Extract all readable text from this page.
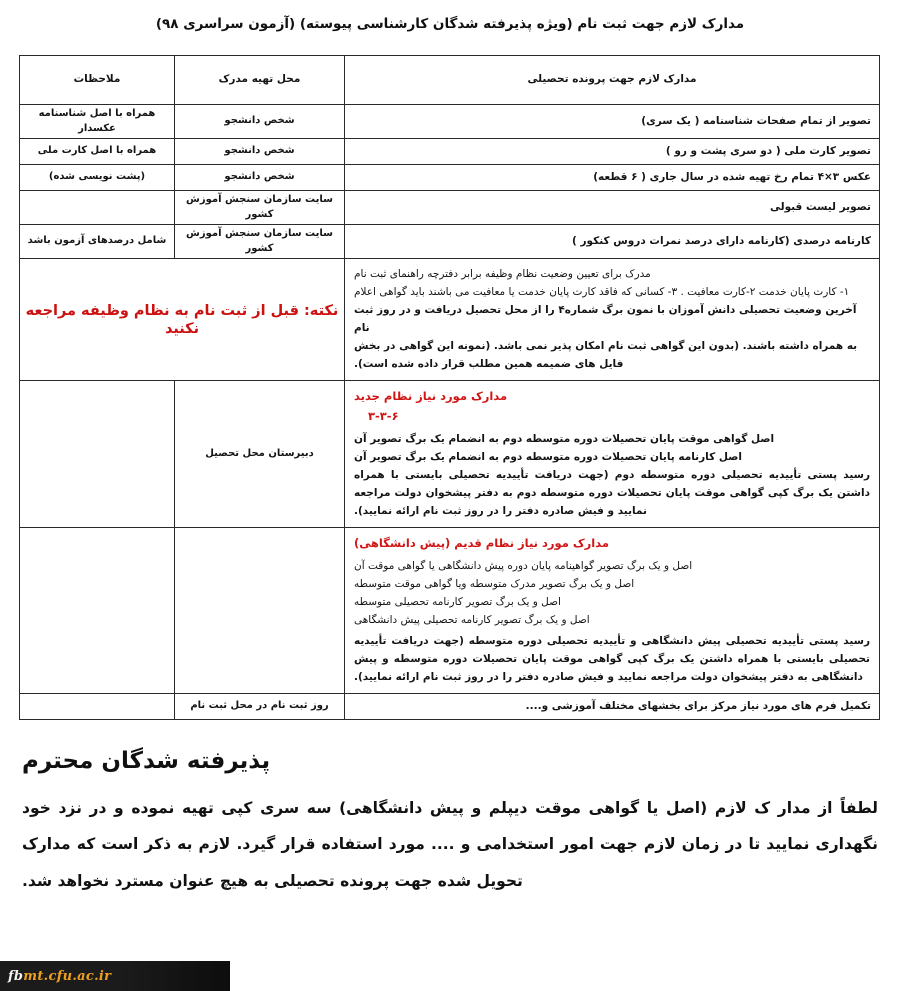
مدارک لازم جهت ثبت نام (ویژه پذیرفته شدگان کارشناسی پیوسته) (آزمون سراسری ۹۸)
مدارک لازم جهت پرونده تحصیلی	محل تهیه مدرک	ملاحظات
تصویر از تمام صفحات شناسنامه ( یک سری)	شخص دانشجو	همراه با اصل شناسنامه عکسدار
تصویر کارت ملی ( دو سری پشت و رو )	شخص دانشجو	همراه با اصل کارت ملی
عکس ۳×۴ تمام رخ تهیه شده در سال جاری ( ۶ قطعه)	شخص دانشجو	(پشت نویسی شده)
تصویر لیست قبولی	سایت سازمان سنجش آموزش کشور	
کارنامه درصدی (کارنامه دارای درصد نمرات دروس کنکور )	سایت سازمان سنجش آموزش کشور	شامل درصدهای آزمون باشد

مدرک برای تعیین وضعیت نظام وظیفه برابر دفترچه راهنمای ثبت نام
۱- کارت پایان خدمت ۲-کارت معافیت . ۳- کسانی که فاقد کارت پایان خدمت یا معافیت می باشند باید گواهی اعلام
آخرین وضعیت تحصیلی دانش آموزان با نمون برگ شماره۴ را از محل تحصیل دریافت و در روز ثبت نام
به همراه داشته باشند. (بدون این گواهی ثبت نام امکان پذیر نمی باشد. (نمونه این گواهی در بخش
فایل های ضمیمه همین مطلب قرار داده شده است).	نکته: قبل از ثبت نام به نظام وظیفه مراجعه نکنید	

مدارک مورد نیاز نظام جدید
۳-۳-۶
اصل گواهی موقت پایان تحصیلات دوره متوسطه دوم به انضمام یک برگ تصویر آن
اصل کارنامه پایان تحصیلات دوره متوسطه دوم به انضمام یک برگ تصویر آن
رسید پستی تأییدیه تحصیلی دوره متوسطه دوم (جهت دریافت تأییدیه تحصیلی بایستی با همراه داشتن یک برگ کپی گواهی موقت پایان تحصیلات دوره متوسطه دوم به دفتر پیشخوان دولت مراجعه نمایید و فیش صادره دفتر را در روز ثبت نام ارائه نمایید).	دبیرستان محل تحصیل	

مدارک مورد نیاز نظام قدیم (پیش دانشگاهی)
اصل و یک برگ تصویر گواهینامه پایان دوره پیش دانشگاهی یا گواهی موقت آن
اصل و یک برگ تصویر مدرک متوسطه ویا گواهی موقت متوسطه
اصل و یک برگ تصویر کارنامه تحصیلی متوسطه
اصل و یک برگ تصویر کارنامه تحصیلی پیش دانشگاهی
رسید پستی تأییدیه تحصیلی پیش دانشگاهی و تأییدیه تحصیلی دوره متوسطه (جهت دریافت تأییدیه تحصیلی بایستی با همراه داشتن یک برگ کپی گواهی موقت پایان تحصیلات دوره متوسطه و پیش دانشگاهی به دفتر پیشخوان دولت مراجعه نمایید و فیش صادره دفتر را در روز ثبت نام ارائه نمایید).

تکمیل فرم های مورد نیاز مرکز برای بخشهای مختلف آموزشی و....	روز ثبت نام در محل ثبت نام	
پذیرفته شدگان محترم
لطفاً از مدار ک لازم (اصل یا گواهی موقت دیپلم و پیش دانشگاهی) سه سری کپی تهیه نموده و در نزد خود نگهداری نمایید تا در زمان لازم جهت امور استخدامی و .... مورد استفاده قرار گیرد. لازم به ذکر است که مدارک تحویل شده جهت پرونده تحصیلی به هیچ عنوان مسترد نخواهد شد.
fbmt.cfu.ac.ir
